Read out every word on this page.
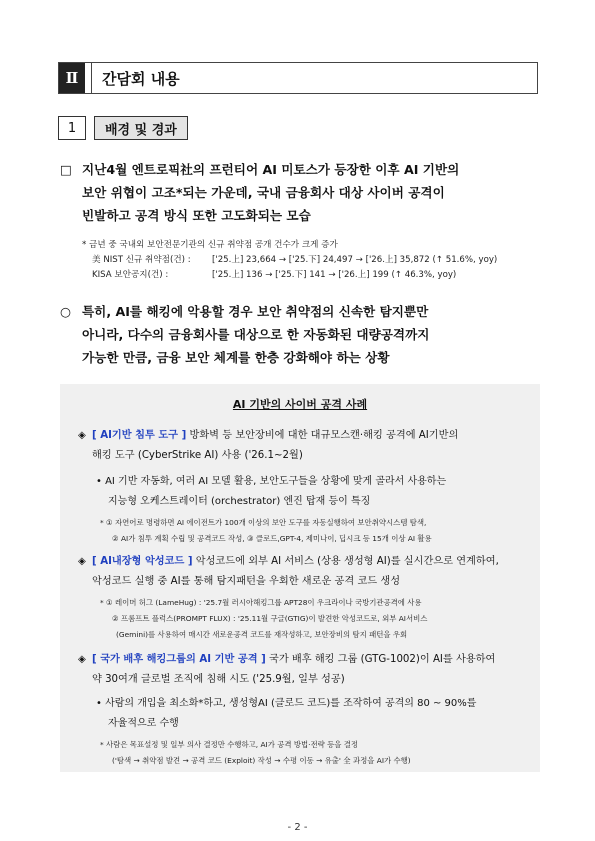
Ⅱ	간담회 내용
1	배경 및 경과
□ 지난4월 엔트로픽社의 프런티어 AI 미토스가 등장한 이후 AI 기반의
보안 위협이 고조*되는 가운데, 국내 금융회사 대상 사이버 공격이
빈발하고 공격 방식 또한 고도화되는 모습
* 금년 중 국내외 보안전문기관의 신규 취약점 공개 건수가 크게 증가
美 NIST 신규 취약점(건) : ['25.上] 23,664 → ['25.下] 24,497 → ['26.上] 35,872 (↑ 51.6%, yoy)
KISA 보안공지(건) :	['25.上] 136 → ['25.下] 141 → ['26.上] 199 (↑ 46.3%, yoy)
○ 특히, AI를 해킹에 악용할 경우 보안 취약점의 신속한 탐지뿐만
아니라, 다수의 금융회사를 대상으로 한 자동화된 대량공격까지
가능한 만큼, 금융 보안 체계를 한층 강화해야 하는 상황
AI 기반의 사이버 공격 사례
◈ [ AI기반 침투 도구 ] 방화벽 등 보안장비에 대한 대규모스캔·해킹 공격에 AI기반의
해킹 도구 (CyberStrike AI) 사용 ('26.1~2월)
• AI 기반 자동화, 여러 AI 모델 활용, 보안도구들을 상황에 맞게 골라서 사용하는
지능형 오케스트레이터 (orchestrator) 엔진 탑재 등이 특징
* ① 자연어로 명령하면 AI 에이전트가 100개 이상의 보안 도구를 자동실행하여 보안취약시스템 탐색,
② AI가 침투 계획 수립 및 공격코드 작성, ③ 클로드,GPT-4, 제미나이, 딥시크 등 15개 이상 AI 활용
◈ [ AI내장형 악성코드 ] 악성코드에 외부 AI 서비스 (상용 생성형 AI)를 실시간으로 연계하여,
악성코드 실행 중 AI를 통해 탐지패턴을 우회한 새로운 공격 코드 생성
* ① 레이머 허그 (LameHug) : '25.7월 러시아해킹그룹 APT28이 우크라이나 국방기관공격에 사용
② 프롬프트 플럭스(PROMPT FLUX) : '25.11월 구글(GTIG)이 발견한 악성코드로, 외부 AI서비스
(Gemini)를 사용하여 매시간 새로운공격 코드를 재작성하고, 보안장비의 탐지 패턴을 우회
◈ [ 국가 배후 해킹그룹의 AI 기반 공격 ] 국가 배후 해킹 그룹 (GTG-1002)이 AI를 사용하여
약 30여개 글로벌 조직에 침해 시도 ('25.9월, 일부 성공)
• 사람의 개입을 최소화*하고, 생성형AI (클로드 코드)를 조작하여 공격의 80 ~ 90%를
자율적으로 수행
* 사람은 목표설정 및 일부 의사 결정만 수행하고, AI가 공격 방법·전략 등을 결정
('탐색 → 취약점 발견 → 공격 코드 (Exploit) 작성 → 수평 이동 → 유출' 全 과정을 AI가 수행)
- 2 -
